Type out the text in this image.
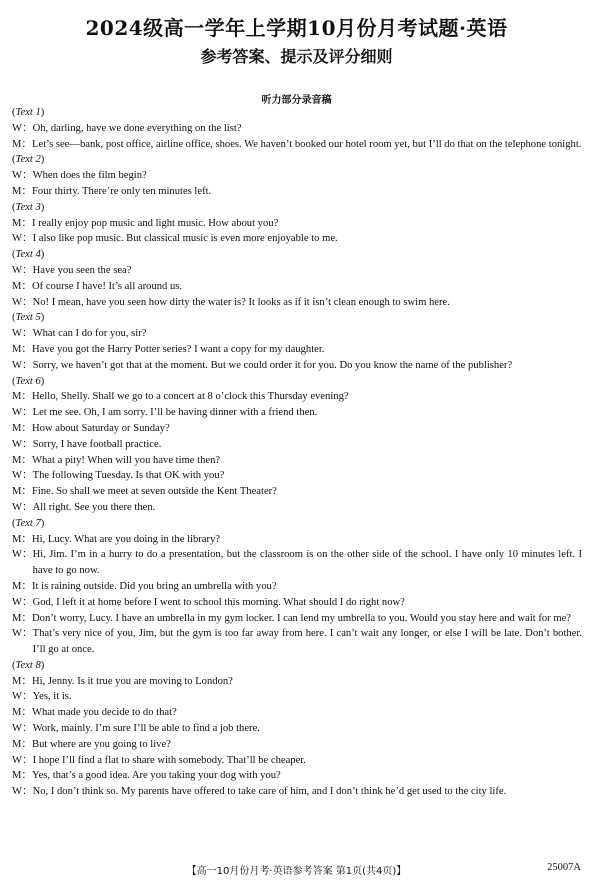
2024级高一学年上学期10月份月考试题·英语
参考答案、提示及评分细则
听力部分录音稿
( Text 1 )
W： Oh, darling, have we done everything on the list?
M： Let’s see—bank, post office, airline office, shoes. We haven’t booked our hotel room yet, but I’ll do that on the telephone tonight.
( Text 2 )
W： When does the film begin?
M： Four thirty. There’re only ten minutes left.
( Text 3 )
M： I really enjoy pop music and light music. How about you?
W： I also like pop music. But classical music is even more enjoyable to me.
( Text 4 )
W： Have you seen the sea?
M： Of course I have! It’s all around us.
W： No! I mean, have you seen how dirty the water is? It looks as if it isn’t clean enough to swim here.
( Text 5 )
W： What can I do for you, sir?
M： Have you got the Harry Potter series? I want a copy for my daughter.
W： Sorry, we haven’t got that at the moment. But we could order it for you. Do you know the name of the publisher?
( Text 6 )
M： Hello, Shelly. Shall we go to a concert at 8 o’clock this Thursday evening?
W： Let me see. Oh, I am sorry. I’ll be having dinner with a friend then.
M： How about Saturday or Sunday?
W： Sorry, I have football practice.
M： What a pity! When will you have time then?
W： The following Tuesday. Is that OK with you?
M： Fine. So shall we meet at seven outside the Kent Theater?
W： All right. See you there then.
( Text 7 )
M： Hi, Lucy. What are you doing in the library?
W： Hi, Jim. I’m in a hurry to do a presentation, but the classroom is on the other side of the school. I have only 10 minutes left. I have to go now.
M： It is raining outside. Did you bring an umbrella with you?
W： God, I left it at home before I went to school this morning. What should I do right now?
M： Don’t worry, Lucy. I have an umbrella in my gym locker. I can lend my umbrella to you. Would you stay here and wait for me?
W： That’s very nice of you, Jim, but the gym is too far away from here. I can’t wait any longer, or else I will be late. Don’t bother. I’ll go at once.
( Text 8 )
M： Hi, Jenny. Is it true you are moving to London?
W： Yes, it is.
M： What made you decide to do that?
W： Work, mainly. I’m sure I’ll be able to find a job there.
M： But where are you going to live?
W： I hope I’ll find a flat to share with somebody. That’ll be cheaper.
M： Yes, that’s a good idea. Are you taking your dog with you?
W： No, I don’t think so. My parents have offered to take care of him, and I don’t think he’d get used to the city life.
【高一10月份月考·英语参考答案 第1页(共4页)】	25007A
